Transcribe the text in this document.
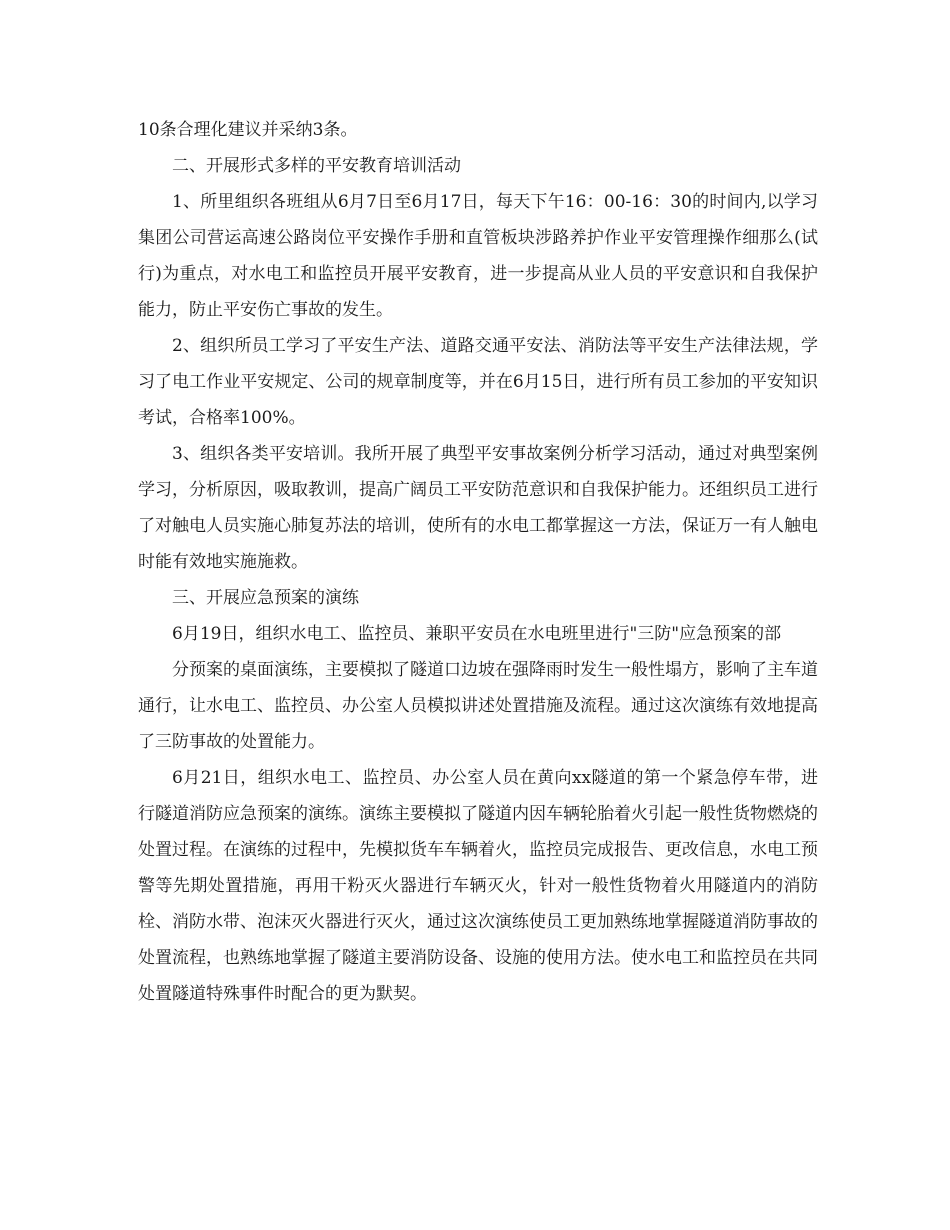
10条合理化建议并采纳3条。

二、开展形式多样的平安教育培训活动

1、所里组织各班组从6月7日至6月17日，每天下午16：00-16：30的时间内,以学习集团公司营运高速公路岗位平安操作手册和直管板块涉路养护作业平安管理操作细那么(试行)为重点，对水电工和监控员开展平安教育，进一步提高从业人员的平安意识和自我保护能力，防止平安伤亡事故的发生。

2、组织所员工学习了平安生产法、道路交通平安法、消防法等平安生产法律法规，学习了电工作业平安规定、公司的规章制度等，并在6月15日，进行所有员工参加的平安知识考试，合格率100%。

3、组织各类平安培训。我所开展了典型平安事故案例分析学习活动，通过对典型案例学习，分析原因，吸取教训，提高广阔员工平安防范意识和自我保护能力。还组织员工进行了对触电人员实施心肺复苏法的培训，使所有的水电工都掌握这一方法，保证万一有人触电时能有效地实施施救。

三、开展应急预案的演练

6月19日，组织水电工、监控员、兼职平安员在水电班里进行"三防"应急预案的部

分预案的桌面演练，主要模拟了隧道口边坡在强降雨时发生一般性塌方，影响了主车道通行，让水电工、监控员、办公室人员模拟讲述处置措施及流程。通过这次演练有效地提高了三防事故的处置能力。

6月21日，组织水电工、监控员、办公室人员在黄向xx隧道的第一个紧急停车带，进行隧道消防应急预案的演练。演练主要模拟了隧道内因车辆轮胎着火引起一般性货物燃烧的处置过程。在演练的过程中，先模拟货车车辆着火，监控员完成报告、更改信息，水电工预警等先期处置措施，再用干粉灭火器进行车辆灭火，针对一般性货物着火用隧道内的消防栓、消防水带、泡沫灭火器进行灭火，通过这次演练使员工更加熟练地掌握隧道消防事故的处置流程，也熟练地掌握了隧道主要消防设备、设施的使用方法。使水电工和监控员在共同处置隧道特殊事件时配合的更为默契。
